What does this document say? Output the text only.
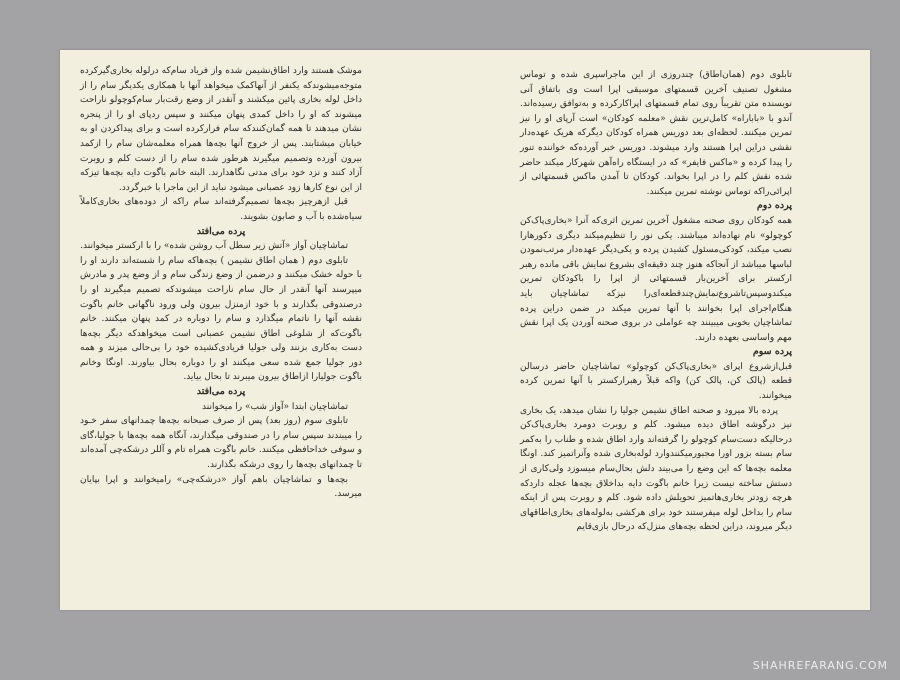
تابلوی دوم (همان‌اطاق) چندروزی از این ماجراسپری شده و توماس مشغول تصنیف آخرین قسمتهای موسیقی اپرا است وی باتفاق آنی نویسنده متن تقریباً روی تمام قسمتهای اپراکارکرده و به‌توافق رسیده‌اند. آندو با «باباراه» کامل‌ترین نقش «معلمه کودکان» است آرپای او را نیز تمرین میکنند. لحظه‌ای بعد دوریس همراه کودکان دیگرکه هریک عهده‌دار نقشی دراین اپرا هستند وارد میشوند. دوریس خبر آورده‌که خواننده تنور را پیدا کرده و «ماکس فایفر» که در ایستگاه راه‌آهن شهرکار میکند حاضر شده نقش کلم را در اپرا بخواند. کودکان تا آمدن ماکس قسمتهائی از اپرائی‌راکه توماس نوشته تمرین میکنند.

پرده دوم

همه کودکان روی صحنه مشغول آخرین تمرین اثری‌که آنرا «بخاری‌پاک‌کن کوچولو» نام نهاده‌اند میباشند. یکی نور را تنظیم‌میکند دیگری دکورهارا نصب میکند، کودکی‌مسئول کشیدن پرده و یکی‌دیگر عهده‌دار مرتب‌نمودن لباسها میباشد از آنجاکه هنوز چند دقیقه‌ای بشروع نمایش باقی مانده رهبر ارکستر برای آخرین‌بار قسمتهائی از اپرا را باکودکان تمرین میکندوسپس‌تاشروع‌نمایش‌چندقطعه‌ای‌را نیز‌که تماشاچیان باید هنگام‌اجرای اپرا بخوانند با آنها تمرین میکند در ضمن دراین پرده تماشاچیان بخوبی میبینند چه عواملی در بروی صحنه آوردن یک اپرا نقش مهم واساسی بعهده دارند.

پرده سوم

قبل‌ازشروع اپرای «بخاری‌پاک‌کن کوچولو» تماشاچیان حاضر درسالن قطعه (پالک کن، پالک کن) واکه قبلاً رهبرارکستر با آنها تمرین کرده میخوانند.

پرده بالا میرود و صحنه اطاق نشیمن جولیا را نشان میدهد، یک بخاری نیز درگوشه اطاق دیده میشود. کلم و روبرت دومرد بخاری‌پاک‌کن درحالیکه دست‌سام کوچولو را گرفته‌اند وارد اطاق شده و طناب را به‌کمر سام بسته بزور اورا مجبورمیکنندوارد لوله‌بخاری شده وآنراتمیز کند. اونگا معلمه بچه‌ها که این وضع را می‌بیند دلش بحال‌سام میسوزد ولی‌کاری از دستش ساخته نیست زیرا خانم باگوت دایه بدا‌خلاق بچه‌ها عجله دارد‌که هرچه زودتر بخاری‌ها‌تمیز تحویلش داده شود. کلم و روبرت پس از اینکه سام را بداخل لوله میفرستند خود برای هرکشی به‌لوله‌های بخاری‌اطاقهای دیگر میروند، دراین لحظه بچه‌های منزل‌که درحال بازی‌قایم

موشک هستند وارد اطاق‌نشیمن شده واز فریاد سام‌که درلوله بخاری‌گیرکرده متوجه‌میشوند‌که یکنفر از آنهاکمک میخواهد آنها با همکاری یکدیگر سام را از داخل لوله بخاری پائین میکشند و آنقدر از وضع رقت‌بار سام‌کوچولو ناراحت میشوند که او را داخل کمدی پنهان میکنند و سپس ردپای او را از پنجره نشان میدهند تا همه گمان‌کنندکه سام فرار‌کرده است و برای پیداکردن او به خیابان میشتابند. پس از خروج آنها بچه‌ها همراه معلمه‌شان سام را ازکمد بیرون آورده وتصمیم میگیرند هرطور شده سام را از دست کلم و روبرت آزاد کنند و نزد خود برای مدتی نگاهدارند. البته خانم باگوت دایه بچه‌ها تیزکه از این نوع کارها زود عصبانی میشود نباید از این ماجرا با خبرگردد.

قبل ازهرچیز بچه‌ها تصمیم‌گرفته‌اند سام راکه از دوده‌های بخاری‌کاملاً سیاه‌شده با آب و صابون بشویند.

پرده می‌افتد

تماشاچیان آواز «آتش زیر سطل آب روشن شده» را با ارکستر میخوانند.

تابلوی دوم ( همان اطاق نشیمن ) بچه‌هاکه سام را شسته‌اند دارند او را با حوله خشک میکنند و درضمن از وضع زندگی سام و از وضع پدر و مادرش میپرسند آنها آنقدر از حال سام ناراحت میشوندکه تصمیم میگیرند او را درصندوقی بگذارند و با خود ازمنزل بیرون ولی ورود ناگهانی خانم باگوت نقشه آنها را ناتمام میگذارد و سام را دوباره در کمد پنهان میکنند. خانم باگوت‌که از شلوغی اطاق نشیمن عصبانی است میخواهدکه دیگر بچه‌ها دست به‌کاری بزنند ولی جولیا فریادی‌کشیده خود را بی‌حالی میزند و همه دور جولیا جمع شده سعی میکنند او را دوباره بحال بیاورند. اونگا وخانم باگوت جولیارا ازاطاق بیرون میبرند تا بحال بیاید.

پرده می‌افتد

تماشاچیان ابتدا «آواز شب» را میخوانند

تابلوی سوم (روز بعد) پس از صرف صبحانه بچه‌ها چمدانهای سفر خـود را میبندند سپس سام را در صندوقی میگذارند، آنگاه همه بچه‌ها با جولیا،گای و سوفی خداحافظی میکنند. خانم باگوت همراه تام و آللر درشکه‌چی آمده‌اند تا چمدانهای بچه‌ها را روی درشکه بگذارند.

بچه‌ها و تماشاچیان باهم آواز «درشکه‌چی» رامیخوانند و اپرا بپایان میرسد.

SHAHREFARANG.COM
